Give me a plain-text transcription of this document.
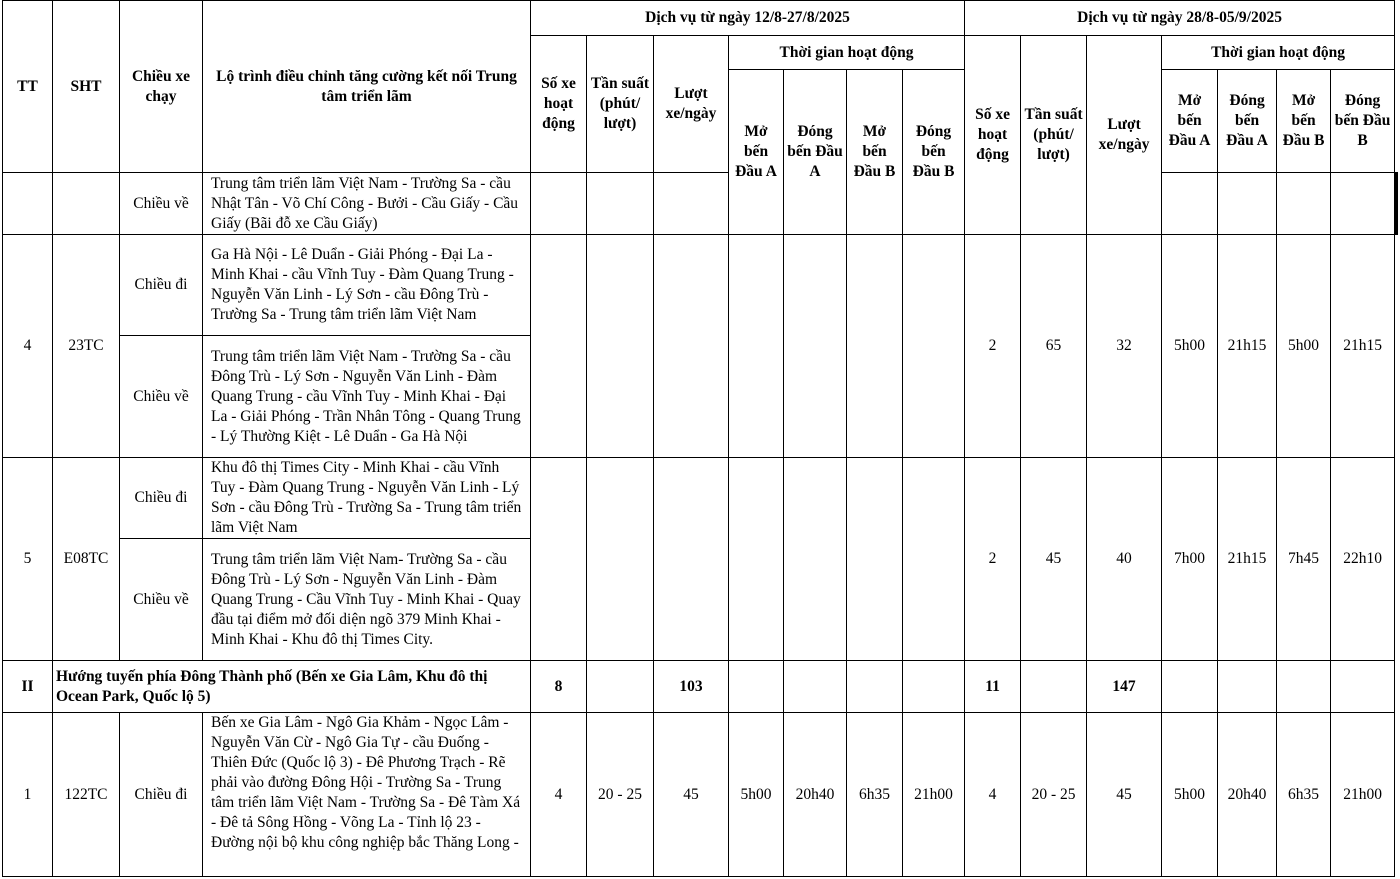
TT	SHT	Chiều xe chạy	Lộ trình điều chỉnh tăng cường kết nối Trung tâm triển lãm	Dịch vụ từ ngày 12/8-27/8/2025							Dịch vụ từ ngày 28/8-05/9/2025								
				Số xe hoạt động	Tần suất (phút/ lượt)	Lượt xe/ngày	Thời gian hoạt động				Số xe hoạt động	Tần suất (phút/ lượt)	Lượt xe/ngày	Thời gian hoạt động					
							Mở bến Đầu A	Đóng bến Đầu A	Mở bến Đầu B	Đóng bến Đầu B				Mở bến Đầu A	Đóng bến Đầu A	Mở bến Đầu B	Đóng bến Đầu B		
		Chiều về	Trung tâm triển lãm Việt Nam - Trường Sa - cầu Nhật Tân - Võ Chí Công - Bưởi - Cầu Giấy - Cầu Giấy (Bãi đỗ xe Cầu Giấy)																
4	23TC	Chiều đi	Ga Hà Nội - Lê Duẩn - Giải Phóng - Đại La - Minh Khai - cầu Vĩnh Tuy - Đàm Quang Trung - Nguyễn Văn Linh - Lý Sơn - cầu Đông Trù - Trường Sa - Trung tâm triển lãm Việt Nam								2	65	32	5h00	21h15	5h00	21h15		
		Chiều về	Trung tâm triển lãm Việt Nam - Trường Sa - cầu Đông Trù - Lý Sơn - Nguyễn Văn Linh - Đàm Quang Trung - cầu Vĩnh Tuy - Minh Khai - Đại La - Giải Phóng - Trần Nhân Tông - Quang Trung - Lý Thường Kiệt - Lê Duẩn - Ga Hà Nội																
5	E08TC	Chiều đi	Khu đô thị Times City - Minh Khai - cầu Vĩnh Tuy - Đàm Quang Trung - Nguyễn Văn Linh - Lý Sơn - cầu Đông Trù - Trường Sa - Trung tâm triển lãm Việt Nam								2	45	40	7h00	21h15	7h45	22h10		
		Chiều về	Trung tâm triển lãm Việt Nam- Trường Sa - cầu Đông Trù - Lý Sơn - Nguyễn Văn Linh - Đàm Quang Trung - Cầu Vĩnh Tuy - Minh Khai - Quay đầu tại điểm mở đối diện ngõ 379 Minh Khai - Minh Khai - Khu đô thị Times City.																
II	Hướng tuyến phía Đông Thành phố (Bến xe Gia Lâm, Khu đô thị Ocean Park, Quốc lộ 5)			8		103					11		147						
1	122TC	Chiều đi	Bến xe Gia Lâm - Ngô Gia Khảm - Ngọc Lâm - Nguyễn Văn Cừ - Ngô Gia Tự - cầu Đuống - Thiên Đức (Quốc lộ 3) - Đê Phương Trạch - Rẽ phải vào đường Đông Hội - Trường Sa - Trung tâm triển lãm Việt Nam - Trường Sa - Đê Tàm Xá - Đê tả Sông Hồng - Võng La - Tỉnh lộ 23 - Đường nội bộ khu công nghiệp bắc Thăng Long -	4	20 - 25	45	5h00	20h40	6h35	21h00	4	20 - 25	45	5h00	20h40	6h35	21h00		
